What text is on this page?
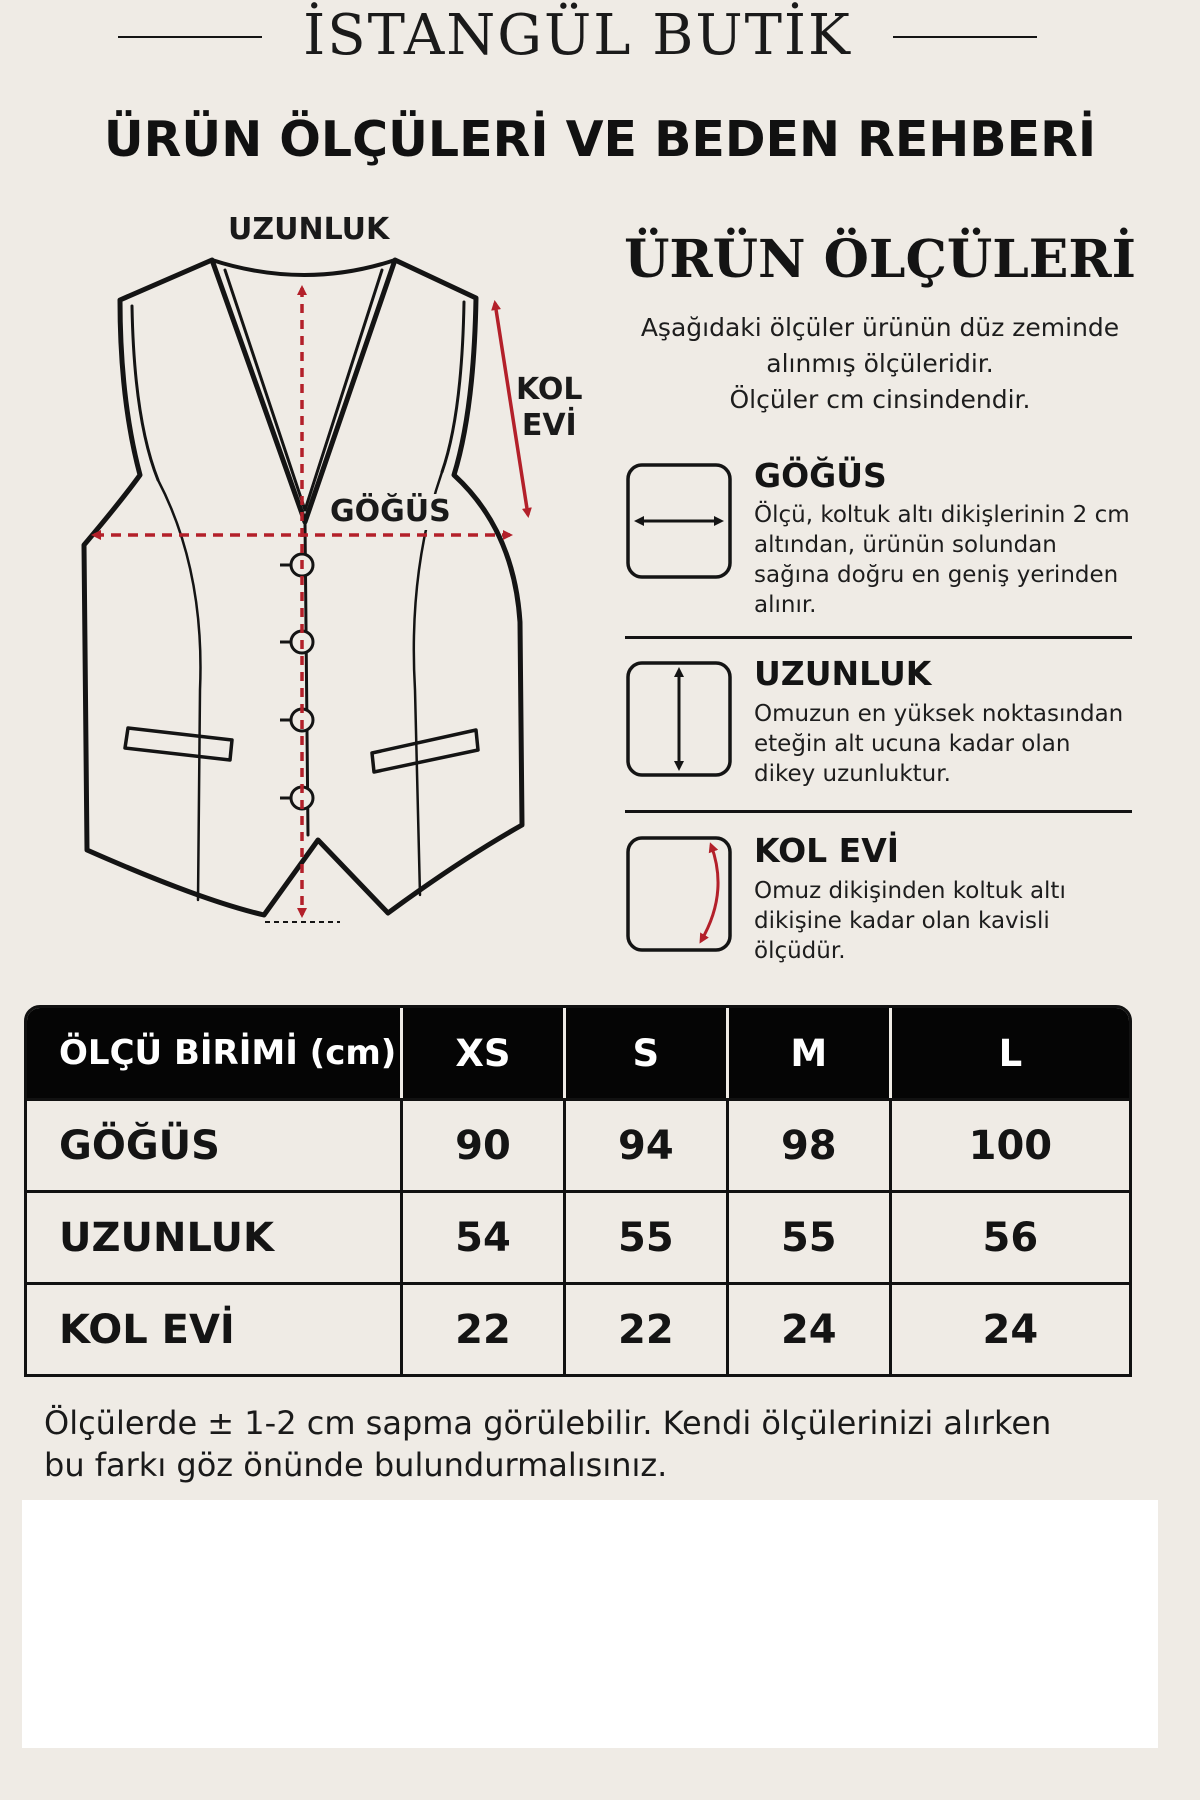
İSTANGÜL BUTİK
ÜRÜN ÖLÇÜLERİ VE BEDEN REHBERİ
UZUNLUK
KOL
EVİ
GÖĞÜS
ÜRÜN ÖLÇÜLERİ
Aşağıdaki ölçüler ürünün düz zeminde
alınmış ölçüleridir.
Ölçüler cm cinsindendir.
GÖĞÜS
Ölçü, koltuk altı dikişlerinin 2 cm
altından, ürünün solundan
sağına doğru en geniş yerinden
alınır.
UZUNLUK
Omuzun en yüksek noktasından
eteğin alt ucuna kadar olan
dikey uzunluktur.
KOL EVİ
Omuz dikişinden koltuk altı
dikişine kadar olan kavisli
ölçüdür.
ÖLÇÜ BİRİMİ (cm)	XS	S	M	L
GÖĞÜS	90	94	98	100
UZUNLUK	54	55	55	56
KOL EVİ	22	22	24	24
Ölçülerde ± 1-2 cm sapma görülebilir. Kendi ölçülerinizi alırken
bu farkı göz önünde bulundurmalısınız.
